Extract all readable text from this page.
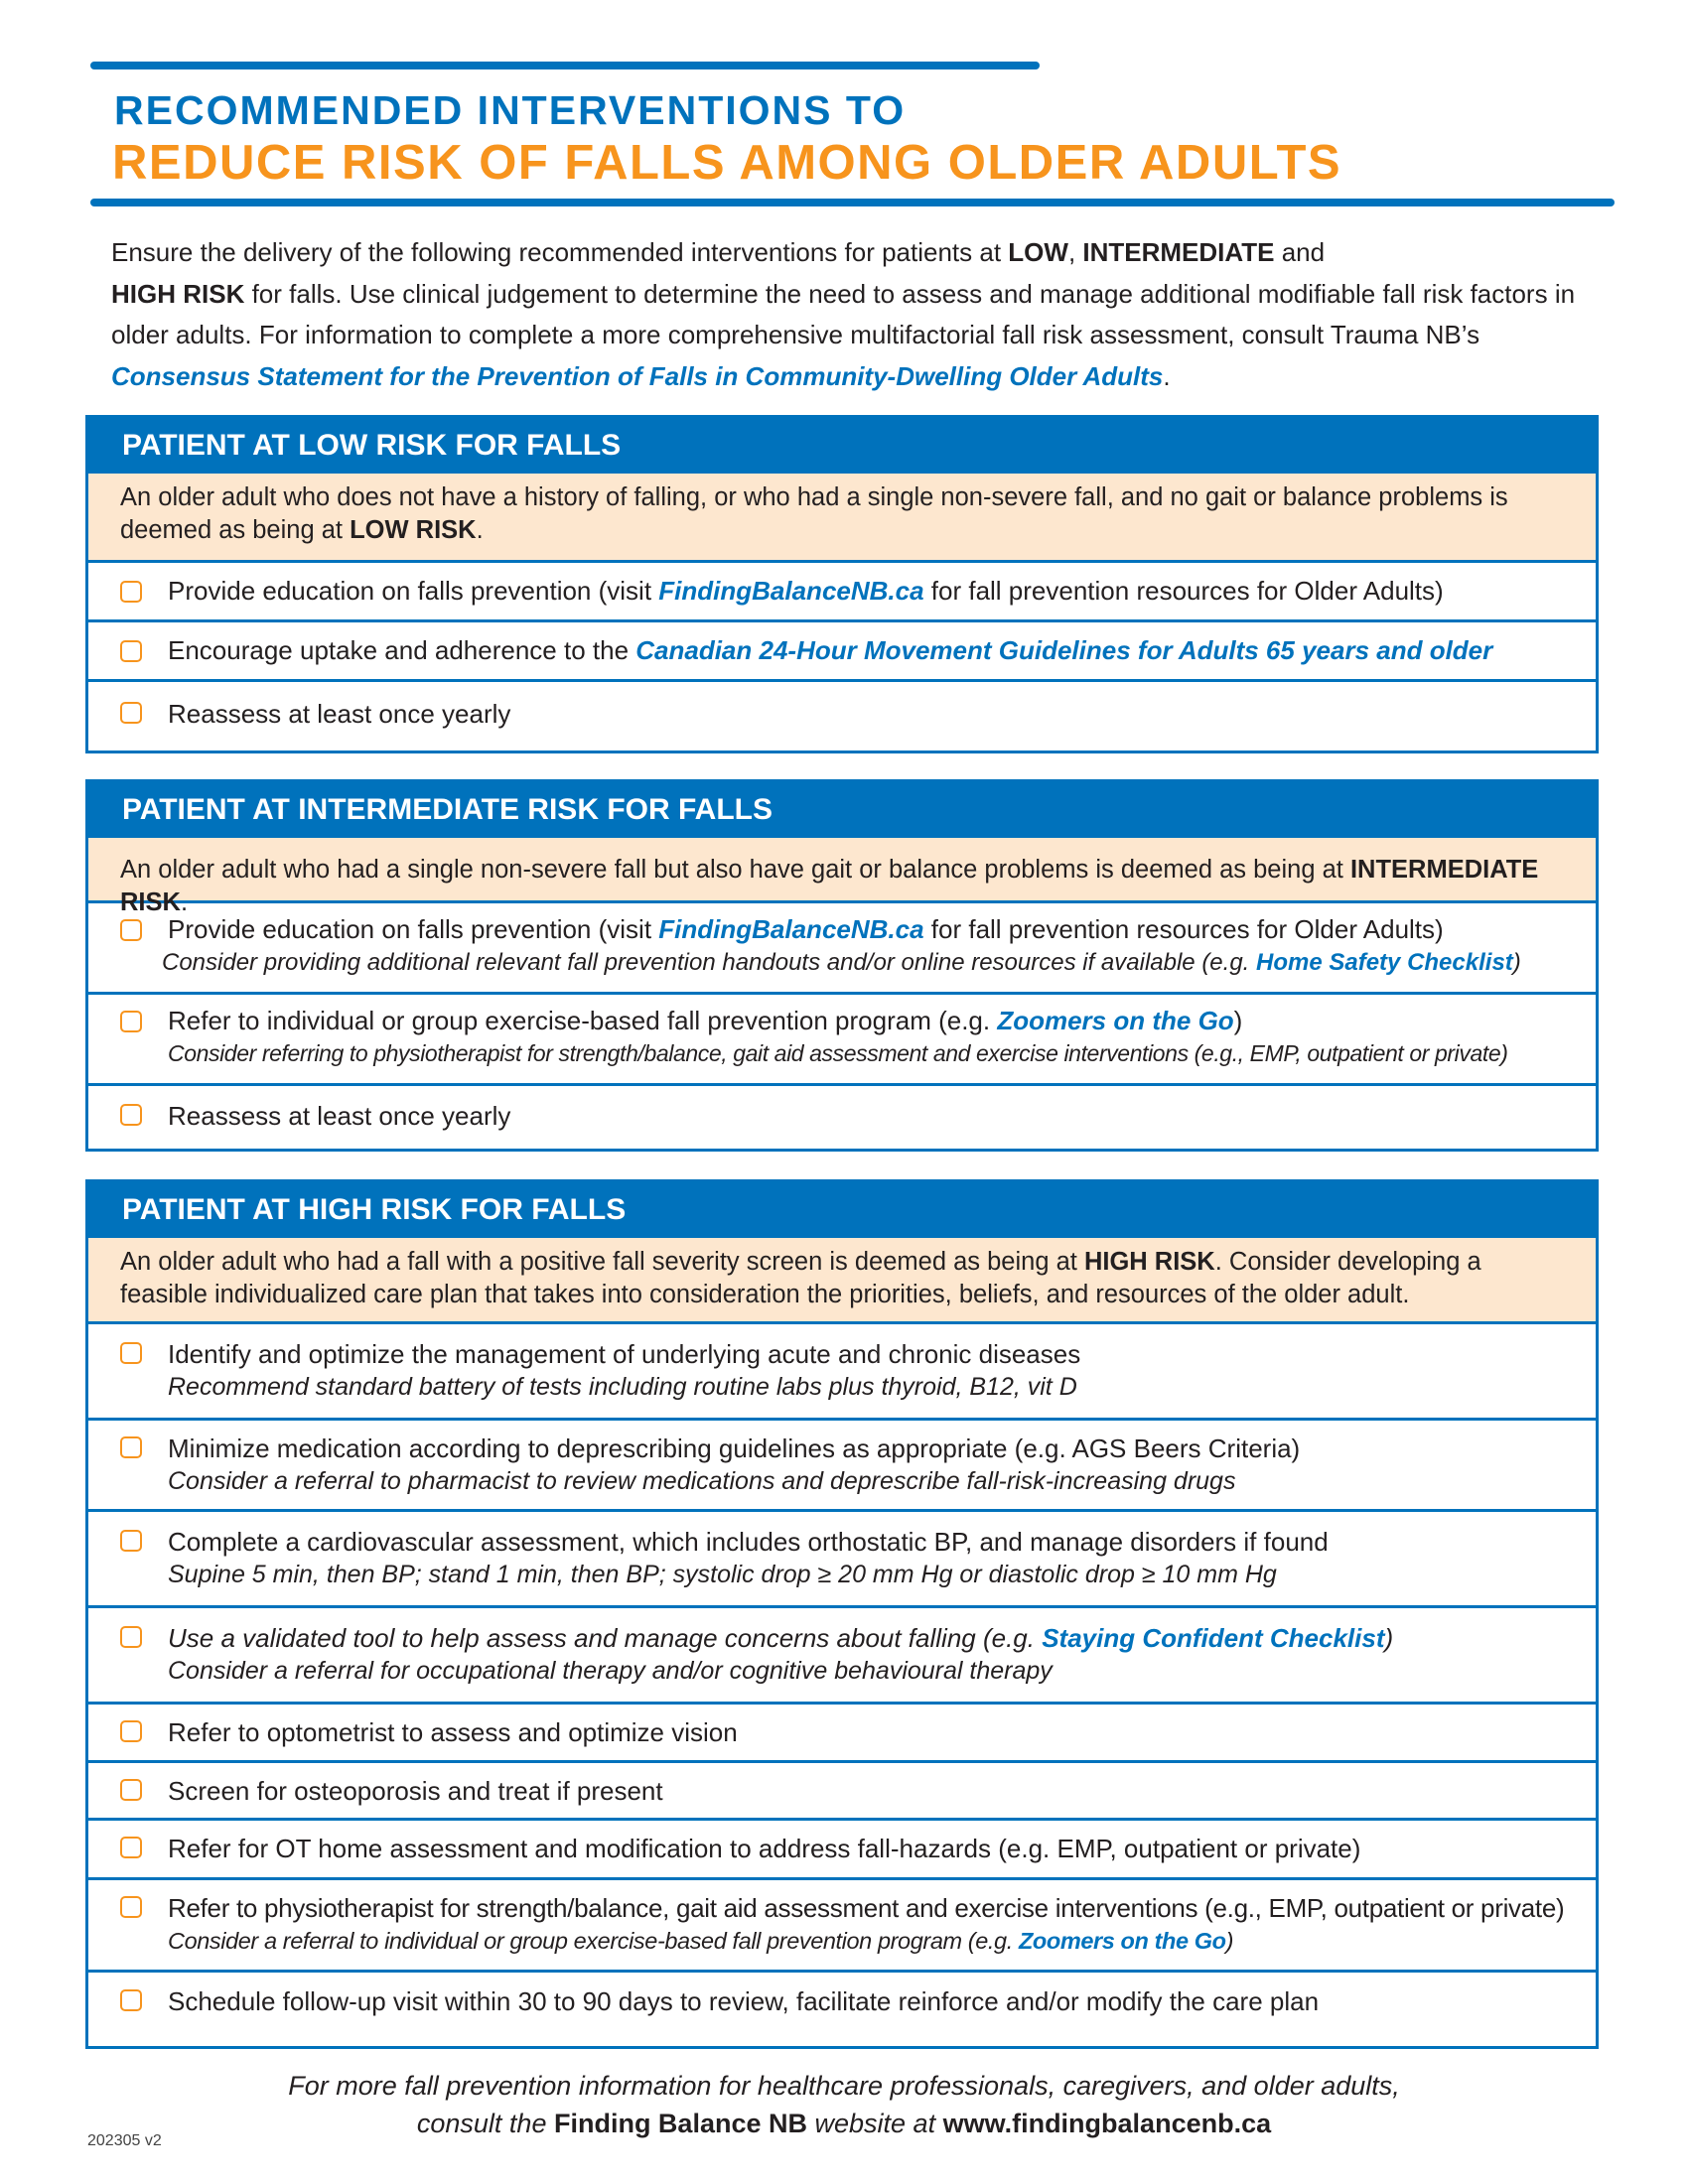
RECOMMENDED INTERVENTIONS TO
REDUCE RISK OF FALLS AMONG OLDER ADULTS
Ensure the delivery of the following recommended interventions for patients at LOW, INTERMEDIATE and
HIGH RISK for falls. Use clinical judgement to determine the need to assess and manage additional modifiable fall risk factors in older adults. For information to complete a more comprehensive multifactorial fall risk assessment, consult Trauma NB’s Consensus Statement for the Prevention of Falls in Community-Dwelling Older Adults.
PATIENT AT LOW RISK FOR FALLS
An older adult who does not have a history of falling, or who had a single non-severe fall, and no gait or balance problems is deemed as being at LOW RISK.
Provide education on falls prevention (visit FindingBalanceNB.ca for fall prevention resources for Older Adults)
Encourage uptake and adherence to the Canadian 24-Hour Movement Guidelines for Adults 65 years and older
Reassess at least once yearly
PATIENT AT INTERMEDIATE RISK FOR FALLS
An older adult who had a single non-severe fall but also have gait or balance problems is deemed as being at INTERMEDIATE RISK.
Provide education on falls prevention (visit FindingBalanceNB.ca for fall prevention resources for Older Adults)
Consider providing additional relevant fall prevention handouts and/or online resources if available (e.g. Home Safety Checklist)
Refer to individual or group exercise-based fall prevention program (e.g. Zoomers on the Go)
Consider referring to physiotherapist for strength/balance, gait aid assessment and exercise interventions (e.g., EMP, outpatient or private)
Reassess at least once yearly
PATIENT AT HIGH RISK FOR FALLS
An older adult who had a fall with a positive fall severity screen is deemed as being at HIGH RISK. Consider developing a feasible individualized care plan that takes into consideration the priorities, beliefs, and resources of the older adult.
Identify and optimize the management of underlying acute and chronic diseases
Recommend standard battery of tests including routine labs plus thyroid, B12, vit D
Minimize medication according to deprescribing guidelines as appropriate (e.g. AGS Beers Criteria)
Consider a referral to pharmacist to review medications and deprescribe fall-risk-increasing drugs
Complete a cardiovascular assessment, which includes orthostatic BP, and manage disorders if found
Supine 5 min, then BP; stand 1 min, then BP; systolic drop ≥ 20 mm Hg or diastolic drop ≥ 10 mm Hg
Use a validated tool to help assess and manage concerns about falling (e.g. Staying Confident Checklist)
Consider a referral for occupational therapy and/or cognitive behavioural therapy
Refer to optometrist to assess and optimize vision
Screen for osteoporosis and treat if present
Refer for OT home assessment and modification to address fall-hazards (e.g. EMP, outpatient or private)
Refer to physiotherapist for strength/balance, gait aid assessment and exercise interventions (e.g., EMP, outpatient or private)
Consider a referral to individual or group exercise-based fall prevention program (e.g. Zoomers on the Go)
Schedule follow-up visit within 30 to 90 days to review, facilitate reinforce and/or modify the care plan
For more fall prevention information for healthcare professionals, caregivers, and older adults,
consult the Finding Balance NB website at www.findingbalancenb.ca
202305 v2
